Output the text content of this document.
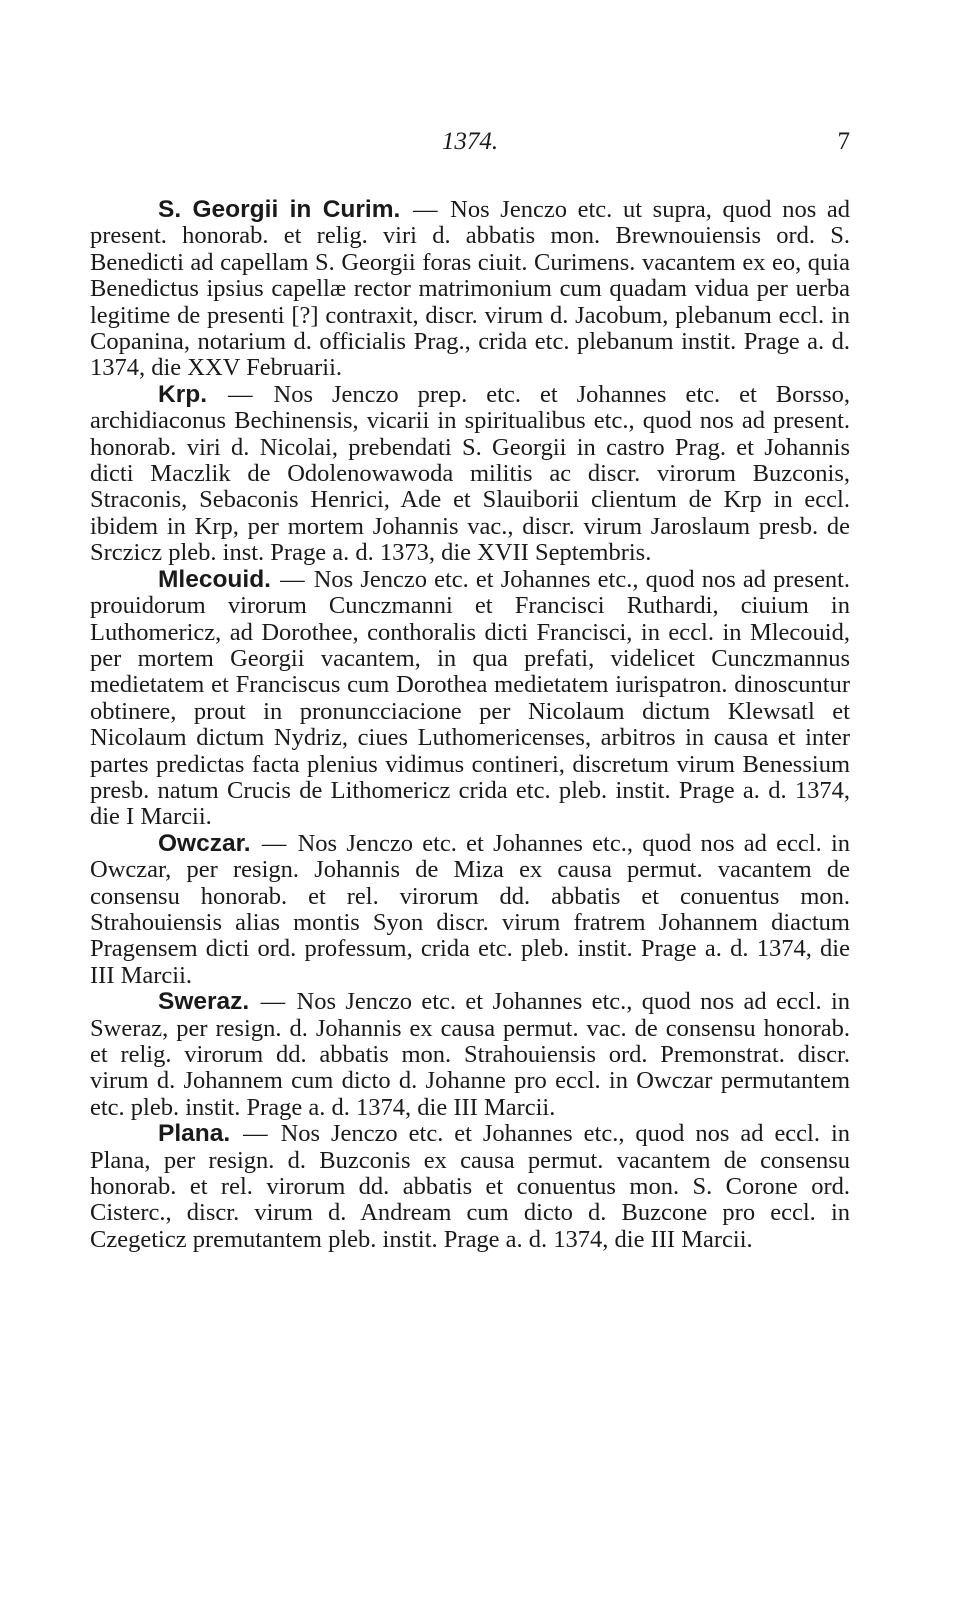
1374.	7

S. Georgii in Curim. — Nos Jenczo etc. ut supra, quod nos ad present. honorab. et relig. viri d. abbatis mon. Brewnouiensis ord. S. Benedicti ad capellam S. Georgii foras ciuit. Curimens. vacantem ex eo, quia Benedictus ipsius capellæ rector matrimonium cum quadam vidua per uerba legitime de presenti [?] contraxit, discr. virum d. Jacobum, plebanum eccl. in Copanina, notarium d. officialis Prag., crida etc. plebanum instit. Prage a. d. 1374, die XXV Februarii.

Krp. — Nos Jenczo prep. etc. et Johannes etc. et Borsso, archidiaconus Bechinensis, vicarii in spiritualibus etc., quod nos ad present. honorab. viri d. Nicolai, prebendati S. Georgii in castro Prag. et Johannis dicti Maczlik de Odolenowawoda militis ac discr. virorum Buzconis, Straconis, Sebaconis Henrici, Ade et Slauiborii clientum de Krp in eccl. ibidem in Krp, per mortem Johannis vac., discr. virum Jaroslaum presb. de Srczicz pleb. inst. Prage a. d. 1373, die XVII Septembris.

Mlecouid. — Nos Jenczo etc. et Johannes etc., quod nos ad present. prouidorum virorum Cunczmanni et Francisci Ruthardi, ciuium in Luthomericz, ad Dorothee, conthoralis dicti Francisci, in eccl. in Mlecouid, per mortem Georgii vacantem, in qua prefati, videlicet Cunczmannus medietatem et Franciscus cum Dorothea medietatem iurispatron. dinoscuntur obtinere, prout in pronuncciacione per Nicolaum dictum Klewsatl et Nicolaum dictum Nydriz, ciues Luthomericenses, arbitros in causa et inter partes predictas facta plenius vidimus contineri, discretum virum Benessium presb. natum Crucis de Lithomericz crida etc. pleb. instit. Prage a. d. 1374, die I Marcii.

Owczar. — Nos Jenczo etc. et Johannes etc., quod nos ad eccl. in Owczar, per resign. Johannis de Miza ex causa permut. vacantem de consensu honorab. et rel. virorum dd. abbatis et conuentus mon. Strahouiensis alias montis Syon discr. virum fratrem Johannem diactum Pragensem dicti ord. professum, crida etc. pleb. instit. Prage a. d. 1374, die III Marcii.

Sweraz. — Nos Jenczo etc. et Johannes etc., quod nos ad eccl. in Sweraz, per resign. d. Johannis ex causa permut. vac. de consensu honorab. et relig. virorum dd. abbatis mon. Strahouiensis ord. Premonstrat. discr. virum d. Johannem cum dicto d. Johanne pro eccl. in Owczar permutantem etc. pleb. instit. Prage a. d. 1374, die III Marcii.

Plana. — Nos Jenczo etc. et Johannes etc., quod nos ad eccl. in Plana, per resign. d. Buzconis ex causa permut. vacantem de consensu honorab. et rel. virorum dd. abbatis et conuentus mon. S. Corone ord. Cisterc., discr. virum d. Andream cum dicto d. Buzcone pro eccl. in Czegeticz premutantem pleb. instit. Prage a. d. 1374, die III Marcii.
